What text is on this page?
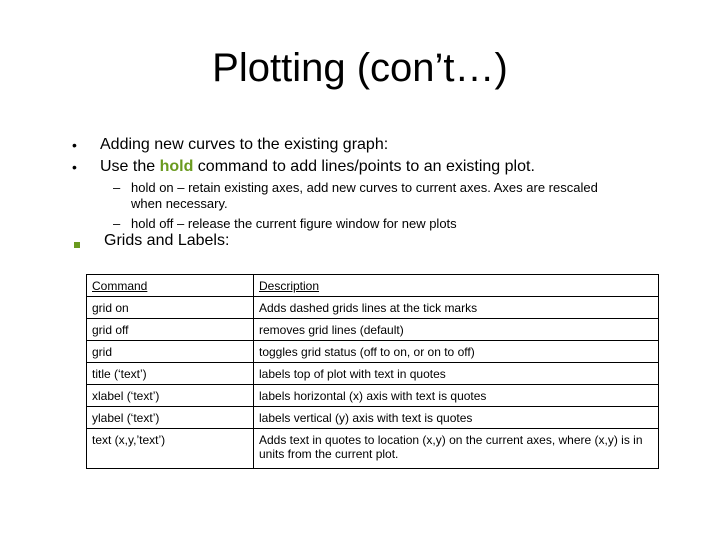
Plotting (con’t…)
•	Adding new curves to the existing graph:
•	Use the hold command to add lines/points to an existing plot.
– hold on – retain existing axes, add new curves to current axes. Axes are rescaled when necessary.
– hold off – release the current figure window for new plots
Grids and Labels:
Command	Description
grid on	Adds dashed grids lines at the tick marks
grid off	removes grid lines (default)
grid	toggles grid status (off to on, or on to off)
title (‘text’)	labels top of plot with text in quotes
xlabel (‘text’)	labels horizontal (x) axis with text is quotes
ylabel (‘text’)	labels vertical (y) axis with text is quotes
text (x,y,’text’)	Adds text in quotes to location (x,y) on the current axes, where (x,y) is in units from the current plot.
